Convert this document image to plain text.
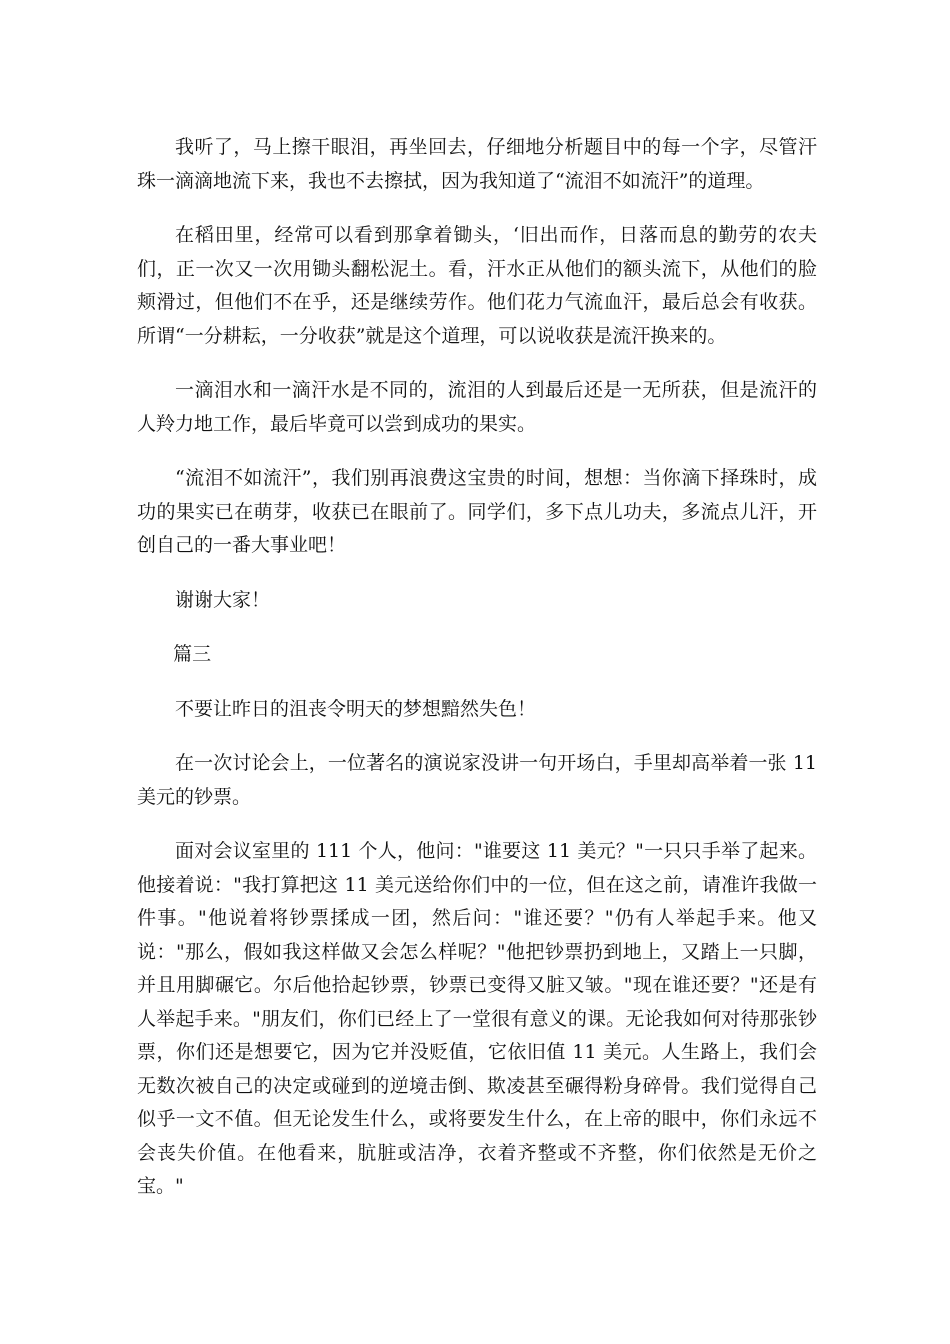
我听了，马上擦干眼泪，再坐回去，仔细地分析题目中的每一个字，尽管汗珠一滴滴地流下来，我也不去擦拭，因为我知道了“流泪不如流汗”的道理。

在稻田里，经常可以看到那拿着锄头，‘旧出而作，日落而息的勤劳的农夫们，正一次又一次用锄头翻松泥土。看，汗水正从他们的额头流下，从他们的脸颊滑过，但他们不在乎，还是继续劳作。他们花力气流血汗，最后总会有收获。所谓“一分耕耘，一分收获”就是这个道理，可以说收获是流汗换来的。

一滴泪水和一滴汗水是不同的，流泪的人到最后还是一无所获，但是流汗的人羚力地工作，最后毕竟可以尝到成功的果实。

“流泪不如流汗”，我们别再浪费这宝贵的时间，想想：当你滴下择珠时，成功的果实已在萌芽，收获已在眼前了。同学们，多下点儿功夫，多流点儿汗，开创自己的一番大事业吧！

谢谢大家！

篇三

不要让昨日的沮丧令明天的梦想黯然失色！

在一次讨论会上，一位著名的演说家没讲一句开场白，手里却高举着一张 11 美元的钞票。

面对会议室里的 111 个人，他问："谁要这 11 美元？"一只只手举了起来。他接着说："我打算把这 11 美元送给你们中的一位，但在这之前，请准许我做一件事。"他说着将钞票揉成一团，然后问："谁还要？"仍有人举起手来。他又说："那么，假如我这样做又会怎么样呢？"他把钞票扔到地上，又踏上一只脚，并且用脚碾它。尔后他拾起钞票，钞票已变得又脏又皱。"现在谁还要？"还是有人举起手来。"朋友们，你们已经上了一堂很有意义的课。无论我如何对待那张钞票，你们还是想要它，因为它并没贬值，它依旧值 11 美元。人生路上，我们会无数次被自己的决定或碰到的逆境击倒、欺凌甚至碾得粉身碎骨。我们觉得自己似乎一文不值。但无论发生什么，或将要发生什么，在上帝的眼中，你们永远不会丧失价值。在他看来，肮脏或洁净，衣着齐整或不齐整，你们依然是无价之宝。"
